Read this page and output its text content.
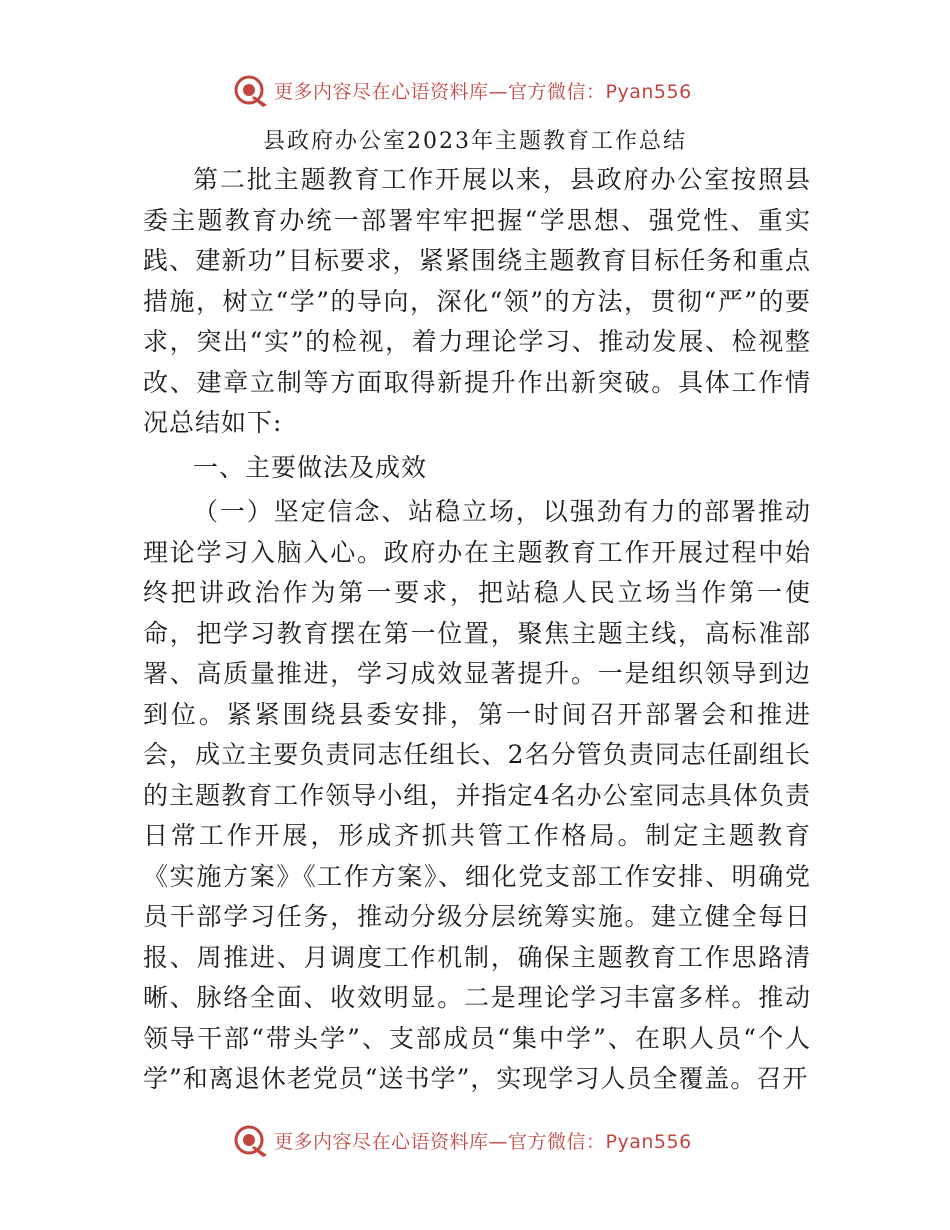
更多内容尽在心语资料库—官方微信：Pyan556
县政府办公室2023年主题教育工作总结

第二批主题教育工作开展以来，县政府办公室按照县委主题教育办统一部署牢牢把握“学思想、强党性、重实践、建新功”目标要求，紧紧围绕主题教育目标任务和重点措施，树立“学”的导向，深化“领”的方法，贯彻“严”的要求，突出“实”的检视，着力理论学习、推动发展、检视整改、建章立制等方面取得新提升作出新突破。具体工作情况总结如下:

一、主要做法及成效

（一）坚定信念、站稳立场，以强劲有力的部署推动理论学习入脑入心。政府办在主题教育工作开展过程中始终把讲政治作为第一要求，把站稳人民立场当作第一使命，把学习教育摆在第一位置，聚焦主题主线，高标准部署、高质量推进，学习成效显著提升。一是组织领导到边到位。紧紧围绕县委安排，第一时间召开部署会和推进会，成立主要负责同志任组长、2名分管负责同志任副组长的主题教育工作领导小组，并指定4名办公室同志具体负责日常工作开展，形成齐抓共管工作格局。制定主题教育《实施方案》《工作方案》、细化党支部工作安排、明确党员干部学习任务，推动分级分层统筹实施。建立健全每日报、周推进、月调度工作机制，确保主题教育工作思路清晰、脉络全面、收效明显。二是理论学习丰富多样。推动领导干部“带头学”、支部成员“集中学”、在职人员“个人学”和离退休老党员“送书学”，实现学习人员全覆盖。召开

更多内容尽在心语资料库—官方微信：Pyan556
